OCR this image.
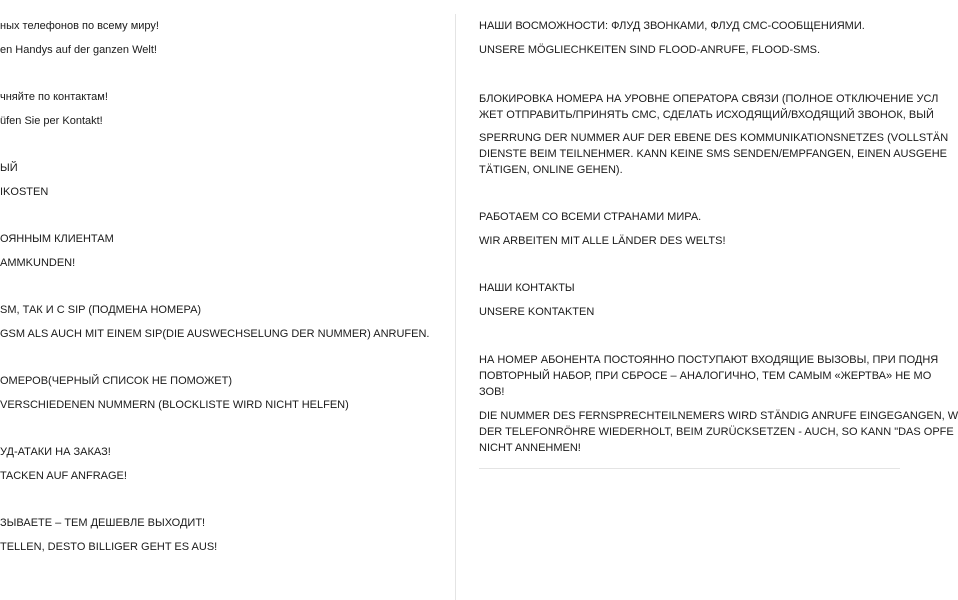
ных телефонов по всему миру!
en Handys auf der ganzen Welt!
чняйте по контактам!
üfen Sie per Kontakt!
ЫЙ
IKOSTEN
ОЯННЫМ КЛИЕНТАМ
AMMKUNDEN!
SM, ТАК И С SIP (ПОДМЕНА НОМЕРА)
GSM ALS AUCH MIT EINEM SIP(DIE AUSWECHSELUNG DER NUMMER) ANRUFEN.
ОМЕРОВ(ЧЕРНЫЙ СПИСОК НЕ ПОМОЖЕТ)
VERSCHIEDENEN NUMMERN (BLOCKLISTE WIRD NICHT HELFEN)
УД-АТАКИ НА ЗАКАЗ!
TACKEN AUF ANFRAGE!
ЗЫВАЕТЕ – ТЕМ ДЕШЕВЛЕ ВЫХОДИТ!
TELLEN, DESTO BILLIGER GEHT ES AUS!
НАШИ ВОСМОЖНОСТИ: ФЛУД ЗВОНКАМИ, ФЛУД СМС-СООБЩЕНИЯМИ.
UNSERE MÖGLIECHKEITEN SIND FLOOD-ANRUFE, FLOOD-SMS.
БЛОКИРОВКА НОМЕРА НА УРОВНЕ ОПЕРАТОРА СВЯЗИ (ПОЛНОЕ ОТКЛЮЧЕНИЕ УСЛ
ЖЕТ ОТПРАВИТЬ/ПРИНЯТЬ СМС, СДЕЛАТЬ ИСХОДЯЩИЙ/ВХОДЯЩИЙ ЗВОНОК, ВЫЙ
SPERRUNG DER NUMMER AUF DER EBENE DES KOMMUNIKATIONSNETZES (VOLLSTÄN
DIENSTE BEIM TEILNEHMER. KANN KEINE SMS SENDEN/EMPFANGEN, EINEN AUSGEHE
TÄTIGEN, ONLINE GEHEN).
РАБОТАЕМ СО ВСЕМИ СТРАНАМИ МИРА.
WIR ARBEITEN MIT ALLE LÄNDER DES WELTS!
НАШИ КОНТАКТЫ
UNSERE KONTAKTEN
НА НОМЕР АБОНЕНТА ПОСТОЯННО ПОСТУПАЮТ ВХОДЯЩИЕ ВЫЗОВЫ, ПРИ ПОДНЯ
ПОВТОРНЫЙ НАБОР, ПРИ СБРОСЕ – АНАЛОГИЧНО, ТЕМ САМЫМ «ЖЕРТВА» НЕ МО
ЗОВ!
DIE NUMMER DES FERNSPRECHTEILNEMERS WIRD STÄNDIG ANRUFE EINGEGANGEN, W
DER TELEFONRÖHRE WIEDERHOLT, BEIM ZURÜCKSETZEN - AUCH, SO KANN "DAS OPFE
NICHT ANNEHMEN!
